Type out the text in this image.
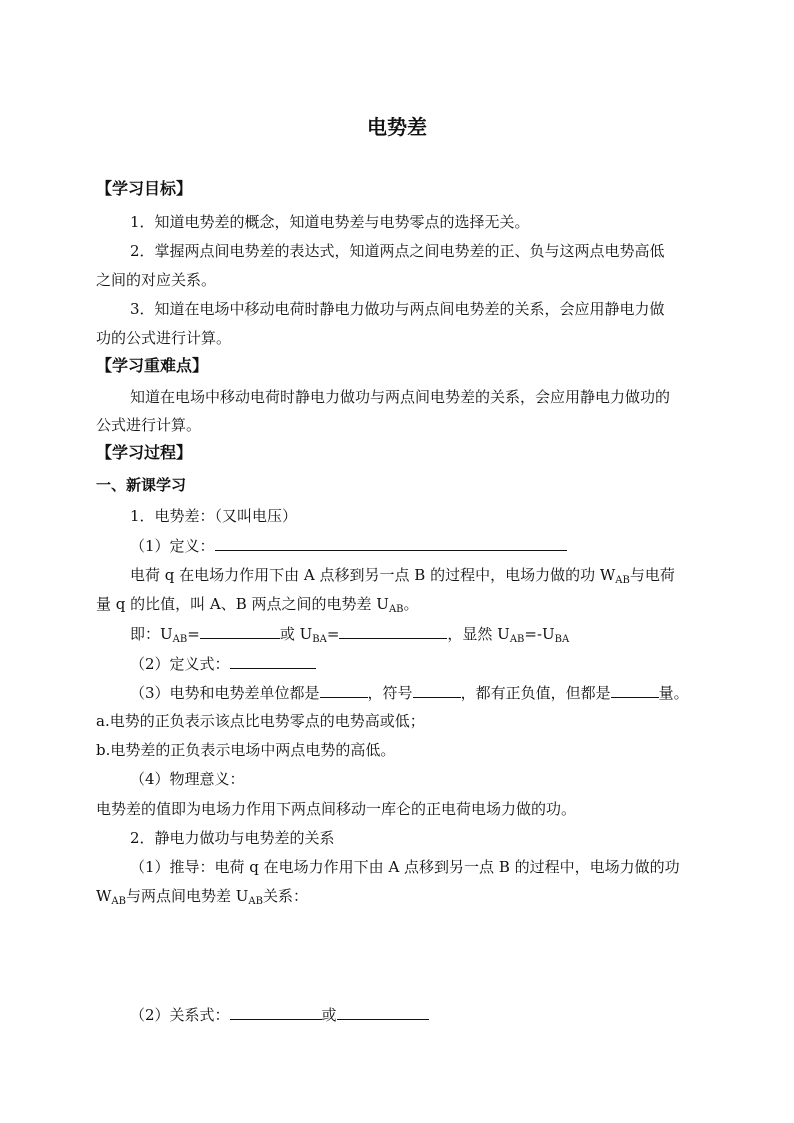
电势差
【学习目标】
1．知道电势差的概念，知道电势差与电势零点的选择无关。
2．掌握两点间电势差的表达式，知道两点之间电势差的正、负与这两点电势高低
之间的对应关系。
3．知道在电场中移动电荷时静电力做功与两点间电势差的关系，会应用静电力做
功的公式进行计算。
【学习重难点】
知道在电场中移动电荷时静电力做功与两点间电势差的关系，会应用静电力做功的
公式进行计算。
【学习过程】
一、新课学习
1．电势差：（又叫电压）
（1）定义：
电荷 q 在电场力作用下由 A 点移到另一点 B 的过程中，电场力做的功 $W_{AB}$与电荷
量 q 的比值，叫 A、B 两点之间的电势差 $U_{AB}$。
即：$U_{AB}=$	或 $U_{BA}=$	，显然 $U_{AB}=-U_{BA}$
（2）定义式：
（3）电势和电势差单位都是	，符号	，都有正负值，但都是	量。
a.电势的正负表示该点比电势零点的电势高或低；
b.电势差的正负表示电场中两点电势的高低。
（4）物理意义：
电势差的值即为电场力作用下两点间移动一库仑的正电荷电场力做的功。
2．静电力做功与电势差的关系
（1）推导：电荷 q 在电场力作用下由 A 点移到另一点 B 的过程中，电场力做的功
$W_{AB}$与两点间电势差 $U_{AB}$关系：
（2）关系式：	或
